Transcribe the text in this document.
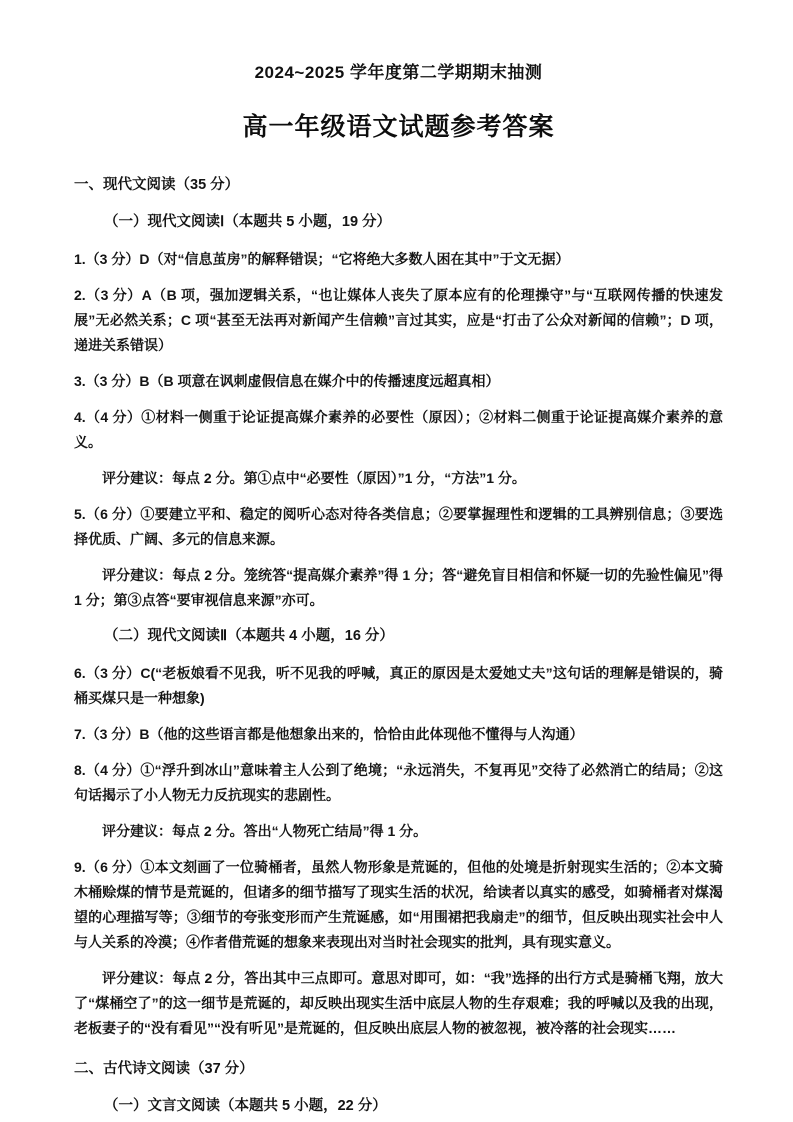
2024~2025 学年度第二学期期末抽测
高一年级语文试题参考答案
一、现代文阅读（35 分）
（一）现代文阅读Ⅰ（本题共 5 小题，19 分）
1.（3 分）D（对“信息茧房”的解释错误；“它将绝大多数人困在其中”于文无据）
2.（3 分）A（B 项，强加逻辑关系，“也让媒体人丧失了原本应有的伦理操守”与“互联网传播的快速发展”无必然关系；C 项“甚至无法再对新闻产生信赖”言过其实，应是“打击了公众对新闻的信赖”；D 项，递进关系错误）
3.（3 分）B（B 项意在讽刺虚假信息在媒介中的传播速度远超真相）
4.（4 分）①材料一侧重于论证提高媒介素养的必要性（原因）；②材料二侧重于论证提高媒介素养的意义。
评分建议：每点 2 分。第①点中“必要性（原因）”1 分，“方法”1 分。
5.（6 分）①要建立平和、稳定的阅听心态对待各类信息；②要掌握理性和逻辑的工具辨别信息；③要选择优质、广阔、多元的信息来源。
评分建议：每点 2 分。笼统答“提高媒介素养”得 1 分；答“避免盲目相信和怀疑一切的先验性偏见”得 1 分；第③点答“要审视信息来源”亦可。
（二）现代文阅读Ⅱ（本题共 4 小题，16 分）
6.（3 分）C(“老板娘看不见我，听不见我的呼喊，真正的原因是太爱她丈夫”这句话的理解是错误的，骑桶买煤只是一种想象)
7.（3 分）B（他的这些语言都是他想象出来的，恰恰由此体现他不懂得与人沟通）
8.（4 分）①“浮升到冰山”意味着主人公到了绝境；“永远消失，不复再见”交待了必然消亡的结局；②这句话揭示了小人物无力反抗现实的悲剧性。
评分建议：每点 2 分。答出“人物死亡结局”得 1 分。
9.（6 分）①本文刻画了一位骑桶者，虽然人物形象是荒诞的，但他的处境是折射现实生活的；②本文骑木桶赊煤的情节是荒诞的，但诸多的细节描写了现实生活的状况，给读者以真实的感受，如骑桶者对煤渴望的心理描写等；③细节的夸张变形而产生荒诞感，如“用围裙把我扇走”的细节，但反映出现实社会中人与人关系的冷漠；④作者借荒诞的想象来表现出对当时社会现实的批判，具有现实意义。
评分建议：每点 2 分，答出其中三点即可。意思对即可，如：“我”选择的出行方式是骑桶飞翔，放大了“煤桶空了”的这一细节是荒诞的，却反映出现实生活中底层人物的生存艰难；我的呼喊以及我的出现，老板妻子的“没有看见”“没有听见”是荒诞的，但反映出底层人物的被忽视，被冷落的社会现实……
二、古代诗文阅读（37 分）
（一）文言文阅读（本题共 5 小题，22 分）
